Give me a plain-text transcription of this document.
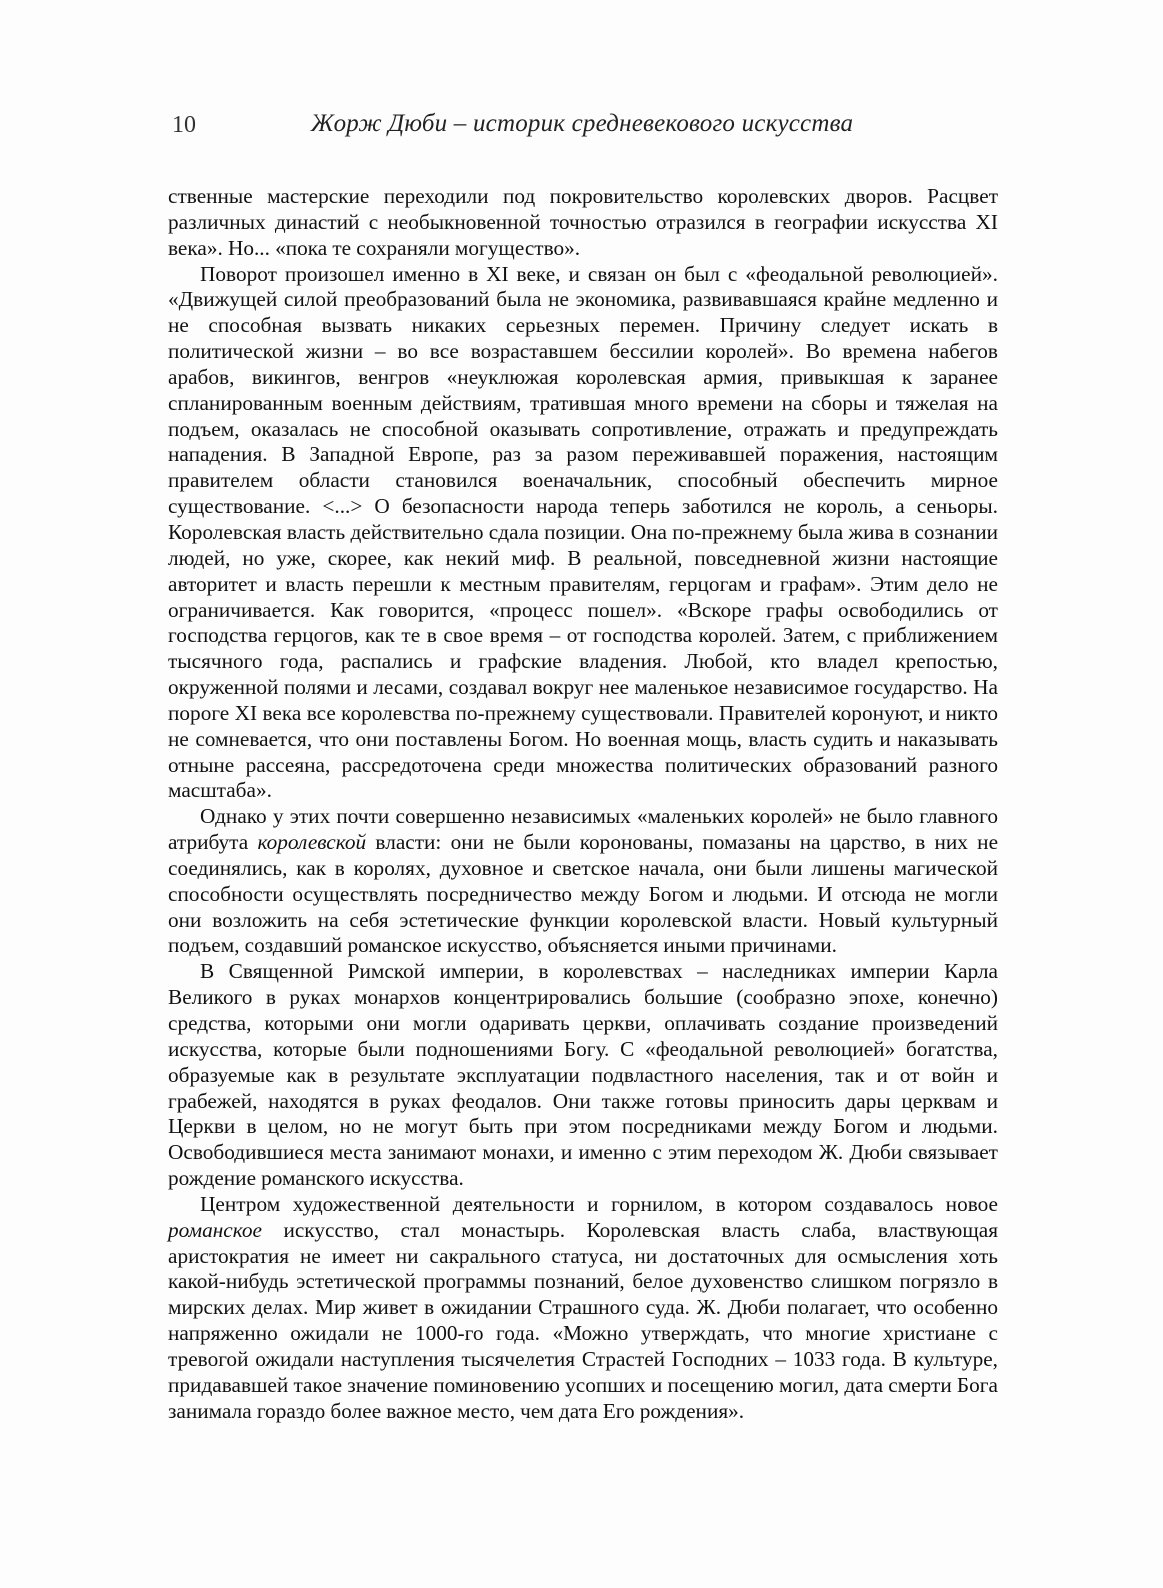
10	Жорж Дюби – историк средневекового искусства

ственные мастерские переходили под покровительство королевских дворов. Расцвет различных династий с необыкновенной точностью отразился в географии искусства XI века». Но... «пока те сохраняли могущество».

Поворот произошел именно в XI веке, и связан он был с «феодальной революцией». «Движущей силой преобразований была не экономика, развивавшаяся крайне медленно и не способная вызвать никаких серьезных перемен. Причину следует искать в политической жизни – во все возраставшем бессилии королей». Во времена набегов арабов, викингов, венгров «неуклюжая королевская армия, привыкшая к заранее спланированным военным действиям, тратившая много времени на сборы и тяжелая на подъем, оказалась не способной оказывать сопротивление, отражать и предупреждать нападения. В Западной Европе, раз за разом переживавшей поражения, настоящим правителем области становился военачальник, способный обеспечить мирное существование. <...> О безопасности народа теперь заботился не король, а сеньоры. Королевская власть действительно сдала позиции. Она по-прежнему была жива в сознании людей, но уже, скорее, как некий миф. В реальной, повседневной жизни настоящие авторитет и власть перешли к местным правителям, герцогам и графам». Этим дело не ограничивается. Как говорится, «процесс пошел». «Вскоре графы освободились от господства герцогов, как те в свое время – от господства королей. Затем, с приближением тысячного года, распались и графские владения. Любой, кто владел крепостью, окруженной полями и лесами, создавал вокруг нее маленькое независимое государство. На пороге XI века все королевства по-прежнему существовали. Правителей коронуют, и никто не сомневается, что они поставлены Богом. Но военная мощь, власть судить и наказывать отныне рассеяна, рассредоточена среди множества политических образований разного масштаба».

Однако у этих почти совершенно независимых «маленьких королей» не было главного атрибута королевской власти: они не были коронованы, помазаны на царство, в них не соединялись, как в королях, духовное и светское начала, они были лишены магической способности осуществлять посредничество между Богом и людьми. И отсюда не могли они возложить на себя эстетические функции королевской власти. Новый культурный подъем, создавший романское искусство, объясняется иными причинами.

В Священной Римской империи, в королевствах – наследниках империи Карла Великого в руках монархов концентрировались большие (сообразно эпохе, конечно) средства, которыми они могли одаривать церкви, оплачивать создание произведений искусства, которые были подношениями Богу. С «феодальной революцией» богатства, образуемые как в результате эксплуатации подвластного населения, так и от войн и грабежей, находятся в руках феодалов. Они также готовы приносить дары церквам и Церкви в целом, но не могут быть при этом посредниками между Богом и людьми. Освободившиеся места занимают монахи, и именно с этим переходом Ж. Дюби связывает рождение романского искусства.

Центром художественной деятельности и горнилом, в котором создавалось новое романское искусство, стал монастырь. Королевская власть слаба, властвующая аристократия не имеет ни сакрального статуса, ни достаточных для осмысления хоть какой-нибудь эстетической программы познаний, белое духовенство слишком погрязло в мирских делах. Мир живет в ожидании Страшного суда. Ж. Дюби полагает, что особенно напряженно ожидали не 1000-го года. «Можно утверждать, что многие христиане с тревогой ожидали наступления тысячелетия Страстей Господних – 1033 года. В культуре, придававшей такое значение поминовению усопших и посещению могил, дата смерти Бога занимала гораздо более важное место, чем дата Его рождения».
